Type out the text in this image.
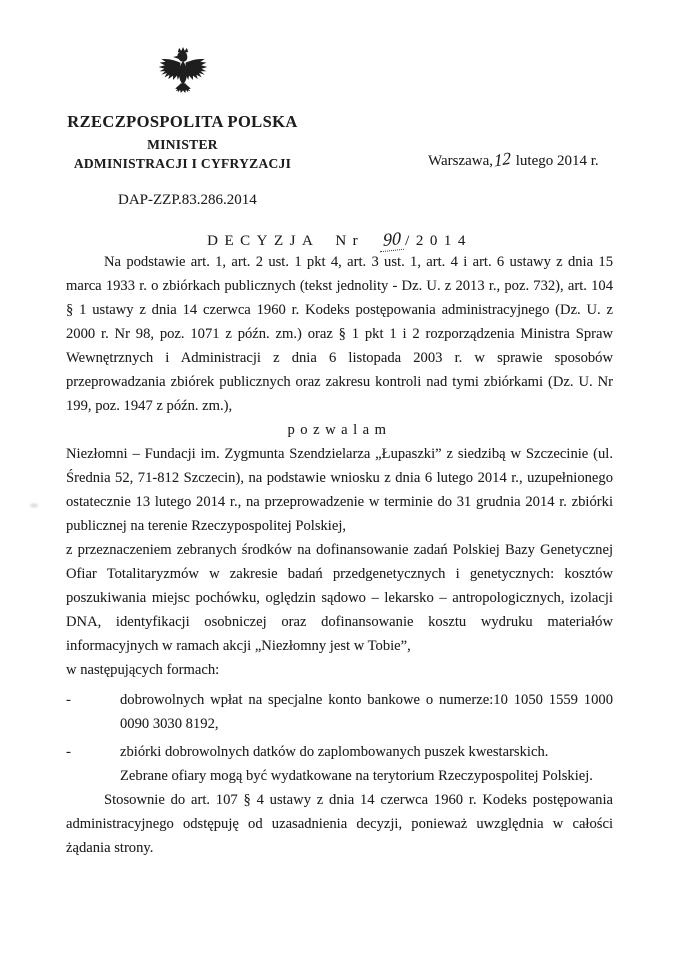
RZECZPOSPOLITA POLSKA
MINISTER
ADMINISTRACJI I CYFRYZACJI	Warszawa,12 lutego 2014 r.
DAP-ZZP.83.286.2014
DECYZJA Nr 90 /2014

Na podstawie art. 1, art. 2 ust. 1 pkt 4, art. 3 ust. 1, art. 4 i art. 6 ustawy z dnia 15 marca 1933 r. o zbiórkach publicznych (tekst jednolity - Dz. U. z 2013 r., poz. 732), art. 104 § 1 ustawy z dnia 14 czerwca 1960 r. Kodeks postępowania administracyjnego (Dz. U. z 2000 r. Nr 98, poz. 1071 z późn. zm.) oraz § 1 pkt 1 i 2 rozporządzenia Ministra Spraw Wewnętrznych i Administracji z dnia 6 listopada 2003 r. w sprawie sposobów przeprowadzania zbiórek publicznych oraz zakresu kontroli nad tymi zbiórkami (Dz. U. Nr 199, poz. 1947 z późn. zm.),

pozwalam

Niezłomni – Fundacji im. Zygmunta Szendzielarza „Łupaszki” z siedzibą w Szczecinie (ul. Średnia 52, 71-812 Szczecin), na podstawie wniosku z dnia 6 lutego 2014 r., uzupełnionego ostatecznie 13 lutego 2014 r., na przeprowadzenie w terminie do 31 grudnia 2014 r. zbiórki publicznej na terenie Rzeczypospolitej Polskiej,

z przeznaczeniem zebranych środków na dofinansowanie zadań Polskiej Bazy Genetycznej Ofiar Totalitaryzmów w zakresie badań przedgenetycznych i genetycznych: kosztów poszukiwania miejsc pochówku, oględzin sądowo – lekarsko – antropologicznych, izolacji DNA, identyfikacji osobniczej oraz dofinansowanie kosztu wydruku materiałów informacyjnych w ramach akcji „Niezłomny jest w Tobie”,

w następujących formach:

-	dobrowolnych wpłat na specjalne konto bankowe o numerze:10 1050 1559 1000 0090 3030 8192,
-	zbiórki dobrowolnych datków do zaplombowanych puszek kwestarskich.

Zebrane ofiary mogą być wydatkowane na terytorium Rzeczypospolitej Polskiej.

Stosownie do art. 107 § 4 ustawy z dnia 14 czerwca 1960 r. Kodeks postępowania administracyjnego odstępuję od uzasadnienia decyzji, ponieważ uwzględnia w całości żądania strony.
